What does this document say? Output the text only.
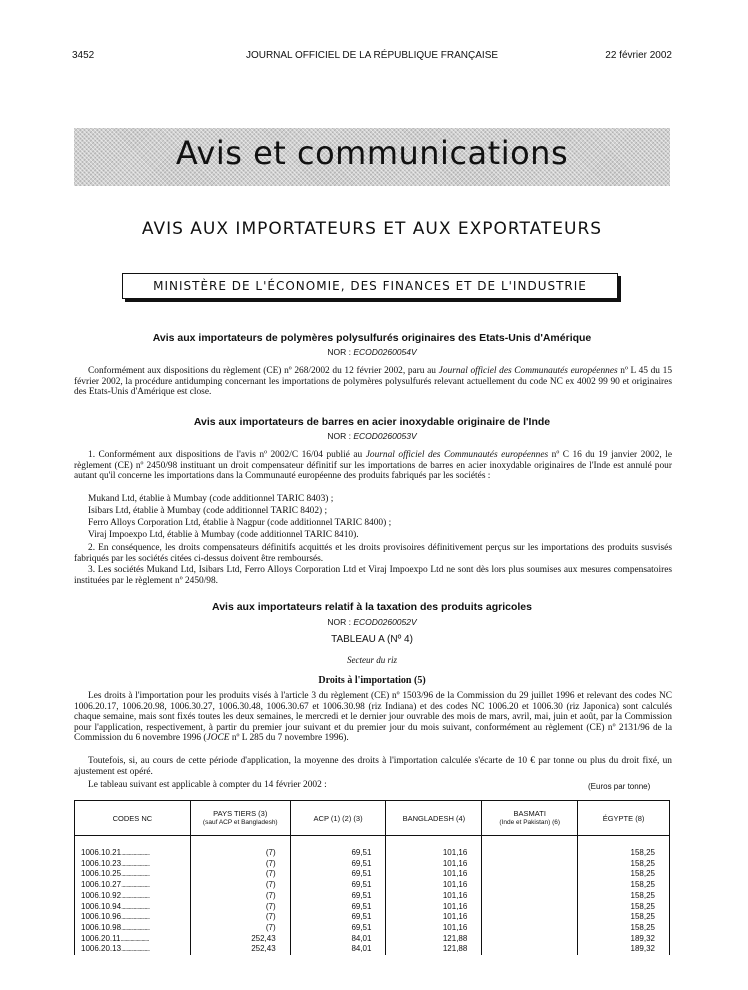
3452	JOURNAL OFFICIEL DE LA RÉPUBLIQUE FRANÇAISE	22 février 2002
Avis et communications
AVIS AUX IMPORTATEURS ET AUX EXPORTATEURS
MINISTÈRE DE L'ÉCONOMIE, DES FINANCES ET DE L'INDUSTRIE
Avis aux importateurs de polymères polysulfurés originaires des Etats-Unis d'Amérique
NOR : ECOD0260054V
Conformément aux dispositions du règlement (CE) nº 268/2002 du 12 février 2002, paru au Journal officiel des Communautés européennes nº L 45 du 15 février 2002, la procédure antidumping concernant les importations de polymères polysulfurés relevant actuellement du code NC ex 4002 99 90 et originaires des Etats-Unis d'Amérique est close.
Avis aux importateurs de barres en acier inoxydable originaire de l'Inde
NOR : ECOD0260053V
1. Conformément aux dispositions de l'avis nº 2002/C 16/04 publié au Journal officiel des Communautés européennes nº C 16 du 19 janvier 2002, le règlement (CE) nº 2450/98 instituant un droit compensateur définitif sur les importations de barres en acier inoxydable originaires de l'Inde est annulé pour autant qu'il concerne les importations dans la Communauté européenne des produits fabriqués par les sociétés :
Mukand Ltd, établie à Mumbay (code additionnel TARIC 8403) ;
Isibars Ltd, établie à Mumbay (code additionnel TARIC 8402) ;
Ferro Alloys Corporation Ltd, établie à Nagpur (code additionnel TARIC 8400) ;
Viraj Impoexpo Ltd, établie à Mumbay (code additionnel TARIC 8410).
2. En conséquence, les droits compensateurs définitifs acquittés et les droits provisoires définitivement perçus sur les importations des produits susvisés fabriqués par les sociétés citées ci-dessus doivent être remboursés.
3. Les sociétés Mukand Ltd, Isibars Ltd, Ferro Alloys Corporation Ltd et Viraj Impoexpo Ltd ne sont dès lors plus soumises aux mesures compensatoires instituées par le règlement nº 2450/98.
Avis aux importateurs relatif à la taxation des produits agricoles
NOR : ECOD0260052V
TABLEAU A (Nº 4)
Secteur du riz
Droits à l'importation (5)
Les droits à l'importation pour les produits visés à l'article 3 du règlement (CE) nº 1503/96 de la Commission du 29 juillet 1996 et relevant des codes NC 1006.20.17, 1006.20.98, 1006.30.27, 1006.30.48, 1006.30.67 et 1006.30.98 (riz Indiana) et des codes NC 1006.20 et 1006.30 (riz Japonica) sont calculés chaque semaine, mais sont fixés toutes les deux semaines, le mercredi et le dernier jour ouvrable des mois de mars, avril, mai, juin et août, par la Commission pour l'application, respectivement, à partir du premier jour suivant et du premier jour du mois suivant, conformément au règlement (CE) nº 2131/96 de la Commission du 6 novembre 1996 (JOCE nº L 285 du 7 novembre 1996).
Toutefois, si, au cours de cette période d'application, la moyenne des droits à l'importation calculée s'écarte de 10 € par tonne ou plus du droit fixé, un ajustement est opéré.
Le tableau suivant est applicable à compter du 14 février 2002 :	(Euros par tonne)
CODES NC	PAYS TIERS (3)
(sauf ACP et Bangladesh)	ACP (1) (2) (3)	BANGLADESH (4)	BASMATI
(Inde et Pakistan) (6)	ÉGYPTE (8)
1006.10.21.......................	(7)	69,51	101,16		158,25
1006.10.23.......................	(7)	69,51	101,16		158,25
1006.10.25.......................	(7)	69,51	101,16		158,25
1006.10.27.......................	(7)	69,51	101,16		158,25
1006.10.92.......................	(7)	69,51	101,16		158,25
1006.10.94.......................	(7)	69,51	101,16		158,25
1006.10.96.......................	(7)	69,51	101,16		158,25
1006.10.98.......................	(7)	69,51	101,16		158,25
1006.20.11.......................	252,43	84,01	121,88		189,32
1006.20.13.......................	252,43	84,01	121,88		189,32
